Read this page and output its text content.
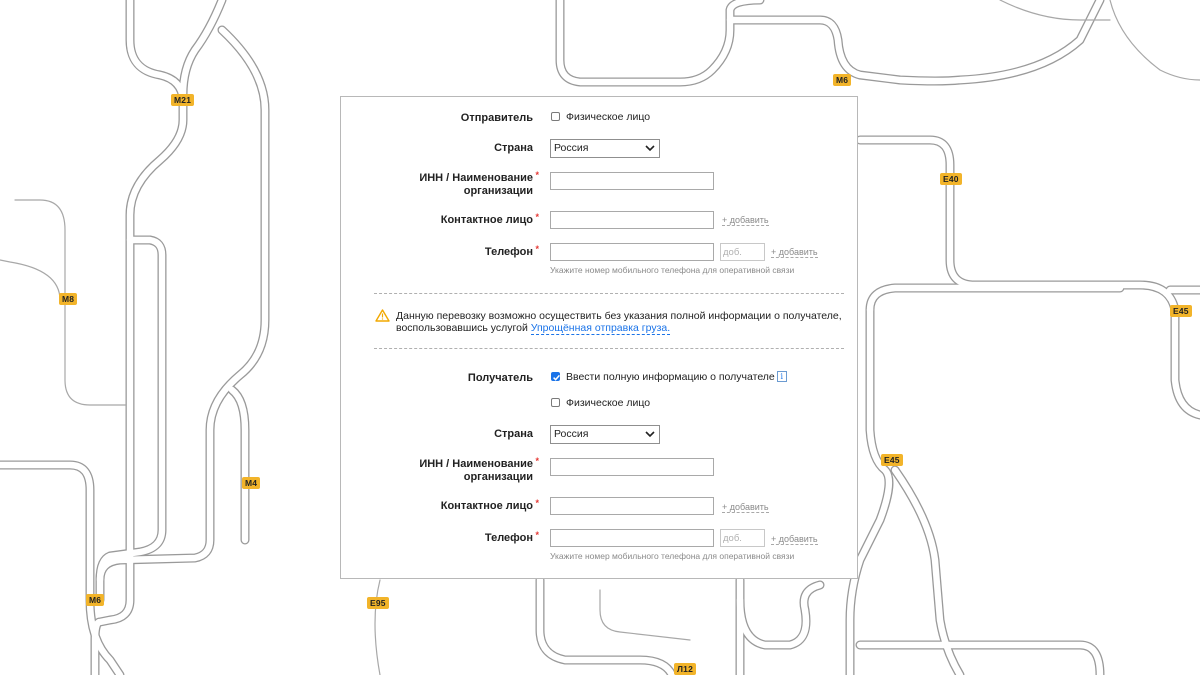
M21
M6
E40
M8
E45
M4
E45
M6	E95
Л12
Отправитель	Физическое лицо
Страна	Россия
ИНН / Наименование
организации
*
Контактное лицо *	+ добавить
Телефон *	доб.	+ добавить
Укажите номер мобильного телефона для оперативной связи
Данную перевозку возможно осуществить без указания полной информации о получателе,
воспользовавшись услугой Упрощённая отправка груза.
Получатель	Ввести полную информацию о получателе i
Физическое лицо
Страна	Россия
ИНН / Наименование
организации
*
Контактное лицо *	+ добавить
Телефон *	доб.	+ добавить
Укажите номер мобильного телефона для оперативной связи
